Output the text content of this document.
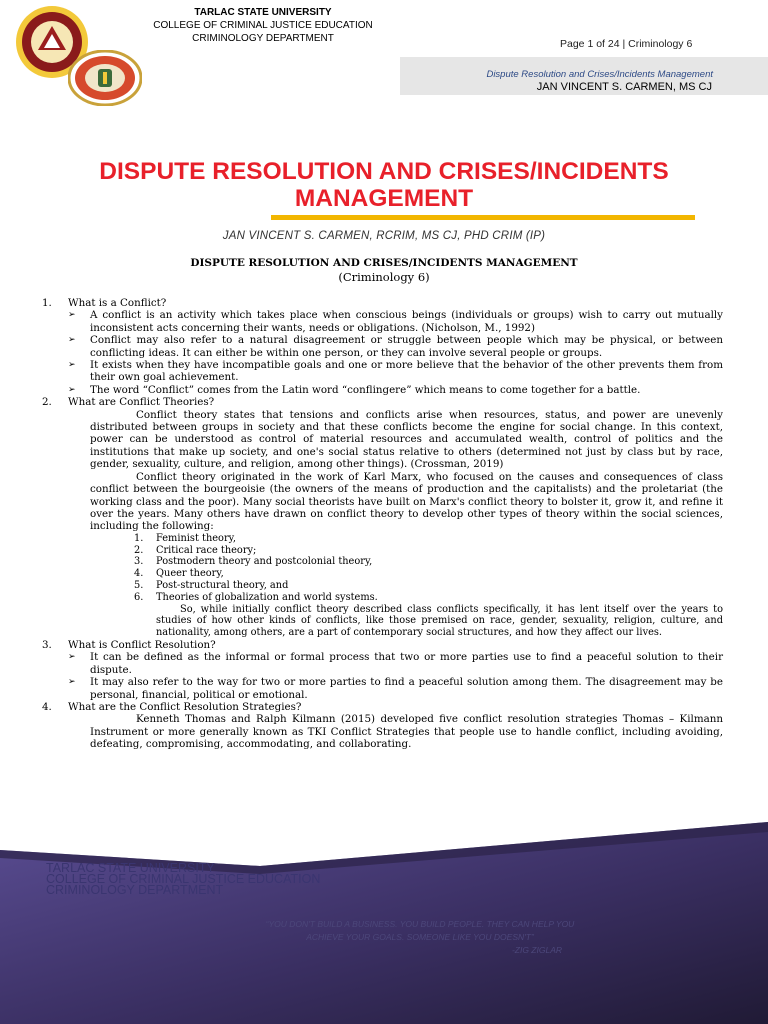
TARLAC STATE UNIVERSITY
COLLEGE OF CRIMINAL JUSTICE EDUCATION
CRIMINOLOGY DEPARTMENT	Page 1 of 24 | Criminology 6
Dispute Resolution and Crises/Incidents Management
JAN VINCENT S. CARMEN, MS CJ
DISPUTE RESOLUTION AND CRISES/INCIDENTS
MANAGEMENT
JAN VINCENT S. CARMEN, RCRIM, MS CJ, PHD CRIM (IP)
DISPUTE RESOLUTION AND CRISES/INCIDENTS MANAGEMENT
(Criminology 6)
1.	What is a Conflict?
➢	A conflict is an activity which takes place when conscious beings (individuals or groups) wish to carry out mutually inconsistent acts concerning their wants, needs or obligations. (Nicholson, M., 1992)
➢	Conflict may also refer to a natural disagreement or struggle between people which may be physical, or between conflicting ideas. It can either be within one person, or they can involve several people or groups.
➢	It exists when they have incompatible goals and one or more believe that the behavior of the other prevents them from their own goal achievement.
➢	The word “Conflict” comes from the Latin word “conflingere” which means to come together for a battle.
2.	What are Conflict Theories?
Conflict theory states that tensions and conflicts arise when resources, status, and power are unevenly distributed between groups in society and that these conflicts become the engine for social change. In this context, power can be understood as control of material resources and accumulated wealth, control of politics and the institutions that make up society, and one's social status relative to others (determined not just by class but by race, gender, sexuality, culture, and religion, among other things). (Crossman, 2019)
Conflict theory originated in the work of Karl Marx, who focused on the causes and consequences of class conflict between the bourgeoisie (the owners of the means of production and the capitalists) and the proletariat (the working class and the poor). Many social theorists have built on Marx's conflict theory to bolster it, grow it, and refine it over the years. Many others have drawn on conflict theory to develop other types of theory within the social sciences, including the following:
1.	Feminist theory,
2.	Critical race theory;
3.	Postmodern theory and postcolonial theory,
4.	Queer theory,
5.	Post-structural theory, and
6.	Theories of globalization and world systems.
So, while initially conflict theory described class conflicts specifically, it has lent itself over the years to studies of how other kinds of conflicts, like those premised on race, gender, sexuality, religion, culture, and nationality, among others, are a part of contemporary social structures, and how they affect our lives.
3.	What is Conflict Resolution?
➢	It can be defined as the informal or formal process that two or more parties use to find a peaceful solution to their dispute.
➢	It may also refer to the way for two or more parties to find a peaceful solution among them. The disagreement may be personal, financial, political or emotional.
4.	What are the Conflict Resolution Strategies?
Kenneth Thomas and Ralph Kilmann (2015) developed five conflict resolution strategies Thomas – Kilmann Instrument or more generally known as TKI Conflict Strategies that people use to handle conflict, including avoiding, defeating, compromising, accommodating, and collaborating.
TARLAC STATE UNIVERSITY
COLLEGE OF CRIMINAL JUSTICE EDUCATION
CRIMINOLOGY DEPARTMENT
“YOU DON'T BUILD A BUSINESS. YOU BUILD PEOPLE. THEY CAN HELP YOU
ACHIEVE YOUR GOALS. SOMEONE LIKE YOU DOESN'T”
-ZIG ZIGLAR
